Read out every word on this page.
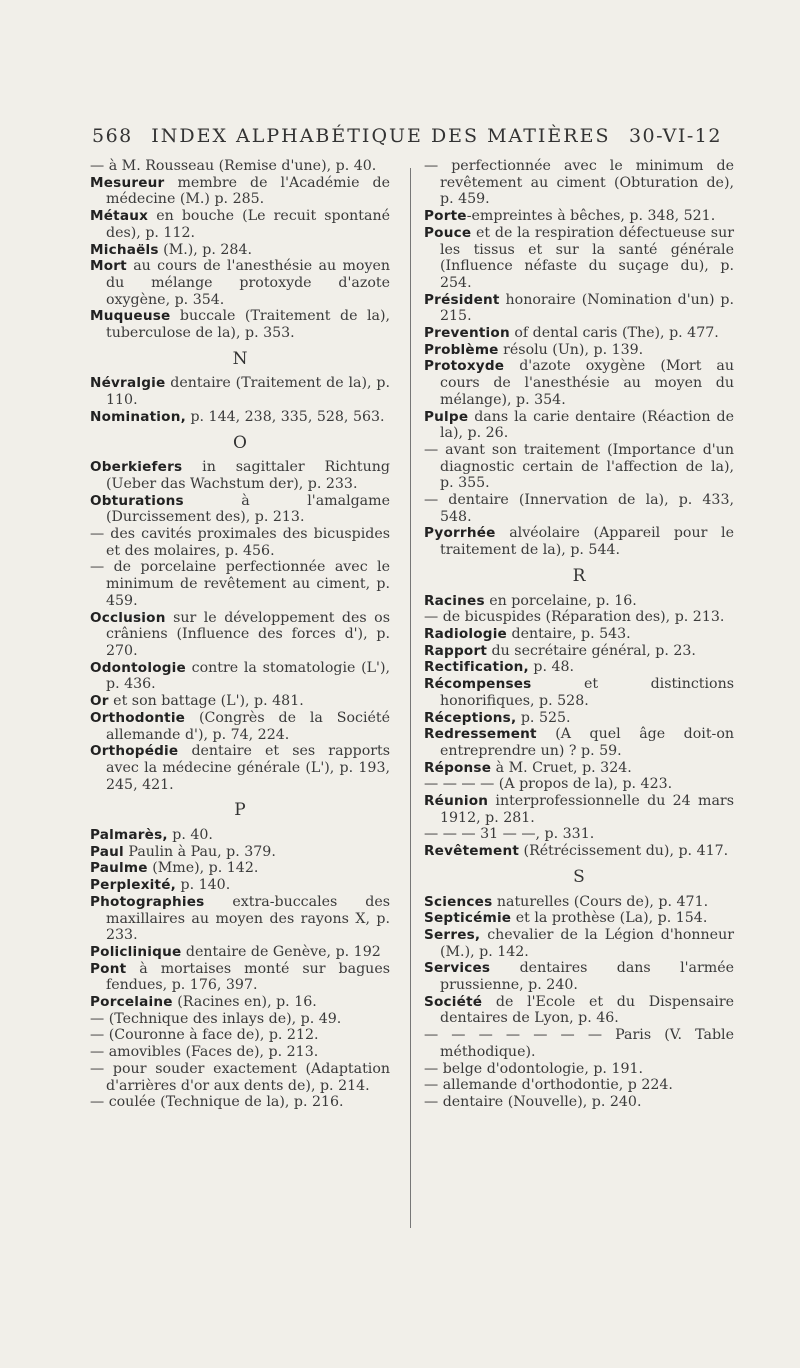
568 INDEX ALPHABÉTIQUE DES MATIÈRES 30-VI-12

— à M. Rousseau (Remise d'une), p. 40.

Mesureur membre de l'Académie de médecine (M.) p. 285.

Métaux en bouche (Le recuit spontané des), p. 112.

Michaëls (M.), p. 284.

Mort au cours de l'anesthésie au moyen du mélange protoxyde d'azote oxygène, p. 354.

Muqueuse buccale (Traitement de la), tuberculose de la), p. 353.

N

Névralgie dentaire (Traitement de la), p. 110.

Nomination, p. 144, 238, 335, 528, 563.

O

Oberkiefers in sagittaler Richtung (Ueber das Wachstum der), p. 233.

Obturations à l'amalgame (Durcissement des), p. 213.

— des cavités proximales des bicuspides et des molaires, p. 456.

— de porcelaine perfectionnée avec le minimum de revêtement au ciment, p. 459.

Occlusion sur le développement des os crâniens (Influence des forces d'), p. 270.

Odontologie contre la stomatologie (L'), p. 436.

Or et son battage (L'), p. 481.

Orthodontie (Congrès de la Société allemande d'), p. 74, 224.

Orthopédie dentaire et ses rapports avec la médecine générale (L'), p. 193, 245, 421.

P

Palmarès, p. 40.

Paul Paulin à Pau, p. 379.

Paulme (Mme), p. 142.

Perplexité, p. 140.

Photographies extra-buccales des maxillaires au moyen des rayons X, p. 233.

Policlinique dentaire de Genève, p. 192

Pont à mortaises monté sur bagues fendues, p. 176, 397.

Porcelaine (Racines en), p. 16.

— (Technique des inlays de), p. 49.

— (Couronne à face de), p. 212.

— amovibles (Faces de), p. 213.

— pour souder exactement (Adaptation d'arrières d'or aux dents de), p. 214.

— coulée (Technique de la), p. 216.

— perfectionnée avec le minimum de revêtement au ciment (Obturation de), p. 459.

Porte-empreintes à bêches, p. 348, 521.

Pouce et de la respiration défectueuse sur les tissus et sur la santé générale (Influence néfaste du suçage du), p. 254.

Président honoraire (Nomination d'un) p. 215.

Prevention of dental caris (The), p. 477.

Problème résolu (Un), p. 139.

Protoxyde d'azote oxygène (Mort au cours de l'anesthésie au moyen du mélange), p. 354.

Pulpe dans la carie dentaire (Réaction de la), p. 26.

— avant son traitement (Importance d'un diagnostic certain de l'affection de la), p. 355.

— dentaire (Innervation de la), p. 433, 548.

Pyorrhée alvéolaire (Appareil pour le traitement de la), p. 544.

R

Racines en porcelaine, p. 16.

— de bicuspides (Réparation des), p. 213.

Radiologie dentaire, p. 543.

Rapport du secrétaire général, p. 23.

Rectification, p. 48.

Récompenses et distinctions honorifiques, p. 528.

Réceptions, p. 525.

Redressement (A quel âge doit-on entreprendre un) ? p. 59.

Réponse à M. Cruet, p. 324.

— — — — (A propos de la), p. 423.

Réunion interprofessionnelle du 24 mars 1912, p. 281.

— — — 31 — —, p. 331.

Revêtement (Rétrécissement du), p. 417.

S

Sciences naturelles (Cours de), p. 471.

Septicémie et la prothèse (La), p. 154.

Serres, chevalier de la Légion d'honneur (M.), p. 142.

Services dentaires dans l'armée prussienne, p. 240.

Société de l'Ecole et du Dispensaire dentaires de Lyon, p. 46.

— — — — — — — Paris (V. Table méthodique).

— belge d'odontologie, p. 191.

— allemande d'orthodontie, p 224.

— dentaire (Nouvelle), p. 240.
